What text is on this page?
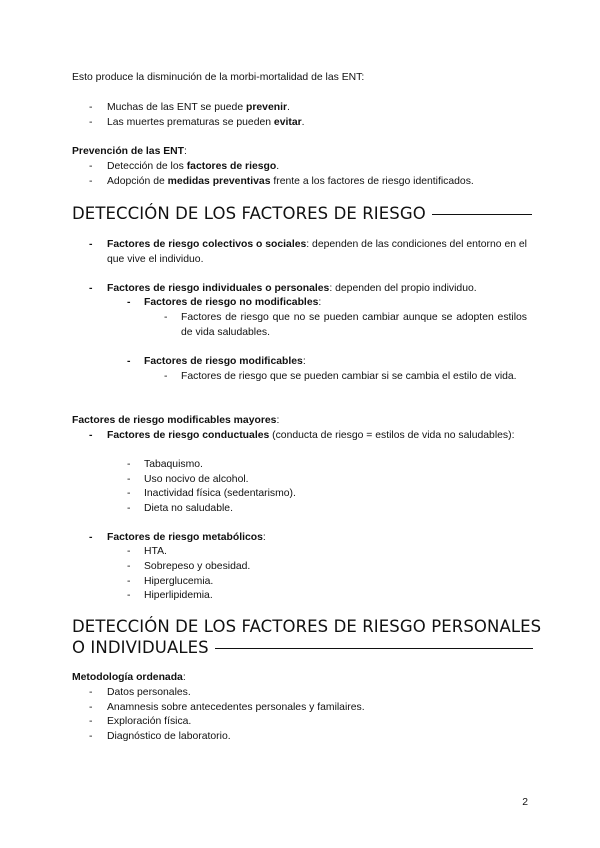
Esto produce la disminución de la morbi-mortalidad de las ENT:
- Muchas de las ENT se puede prevenir.
- Las muertes prematuras se pueden evitar.
Prevención de las ENT:
- Detección de los factores de riesgo.
- Adopción de medidas preventivas frente a los factores de riesgo identificados.
DETECCIÓN DE LOS FACTORES DE RIESGO
- Factores de riesgo colectivos o sociales: dependen de las condiciones del entorno en el que vive el individuo.
- Factores de riesgo individuales o personales: dependen del propio individuo.
- Factores de riesgo no modificables:
- Factores de riesgo que no se pueden cambiar aunque se adopten estilos de vida saludables.
- Factores de riesgo modificables:
- Factores de riesgo que se pueden cambiar si se cambia el estilo de vida.
Factores de riesgo modificables mayores:
- Factores de riesgo conductuales (conducta de riesgo = estilos de vida no saludables):
- Tabaquismo.
- Uso nocivo de alcohol.
- Inactividad física (sedentarismo).
- Dieta no saludable.
- Factores de riesgo metabólicos:
- HTA.
- Sobrepeso y obesidad.
- Hiperglucemia.
- Hiperlipidemia.
DETECCIÓN DE LOS FACTORES DE RIESGO PERSONALES
O INDIVIDUALES
Metodología ordenada:
- Datos personales.
- Anamnesis sobre antecedentes personales y familaires.
- Exploración física.
- Diagnóstico de laboratorio.
2
